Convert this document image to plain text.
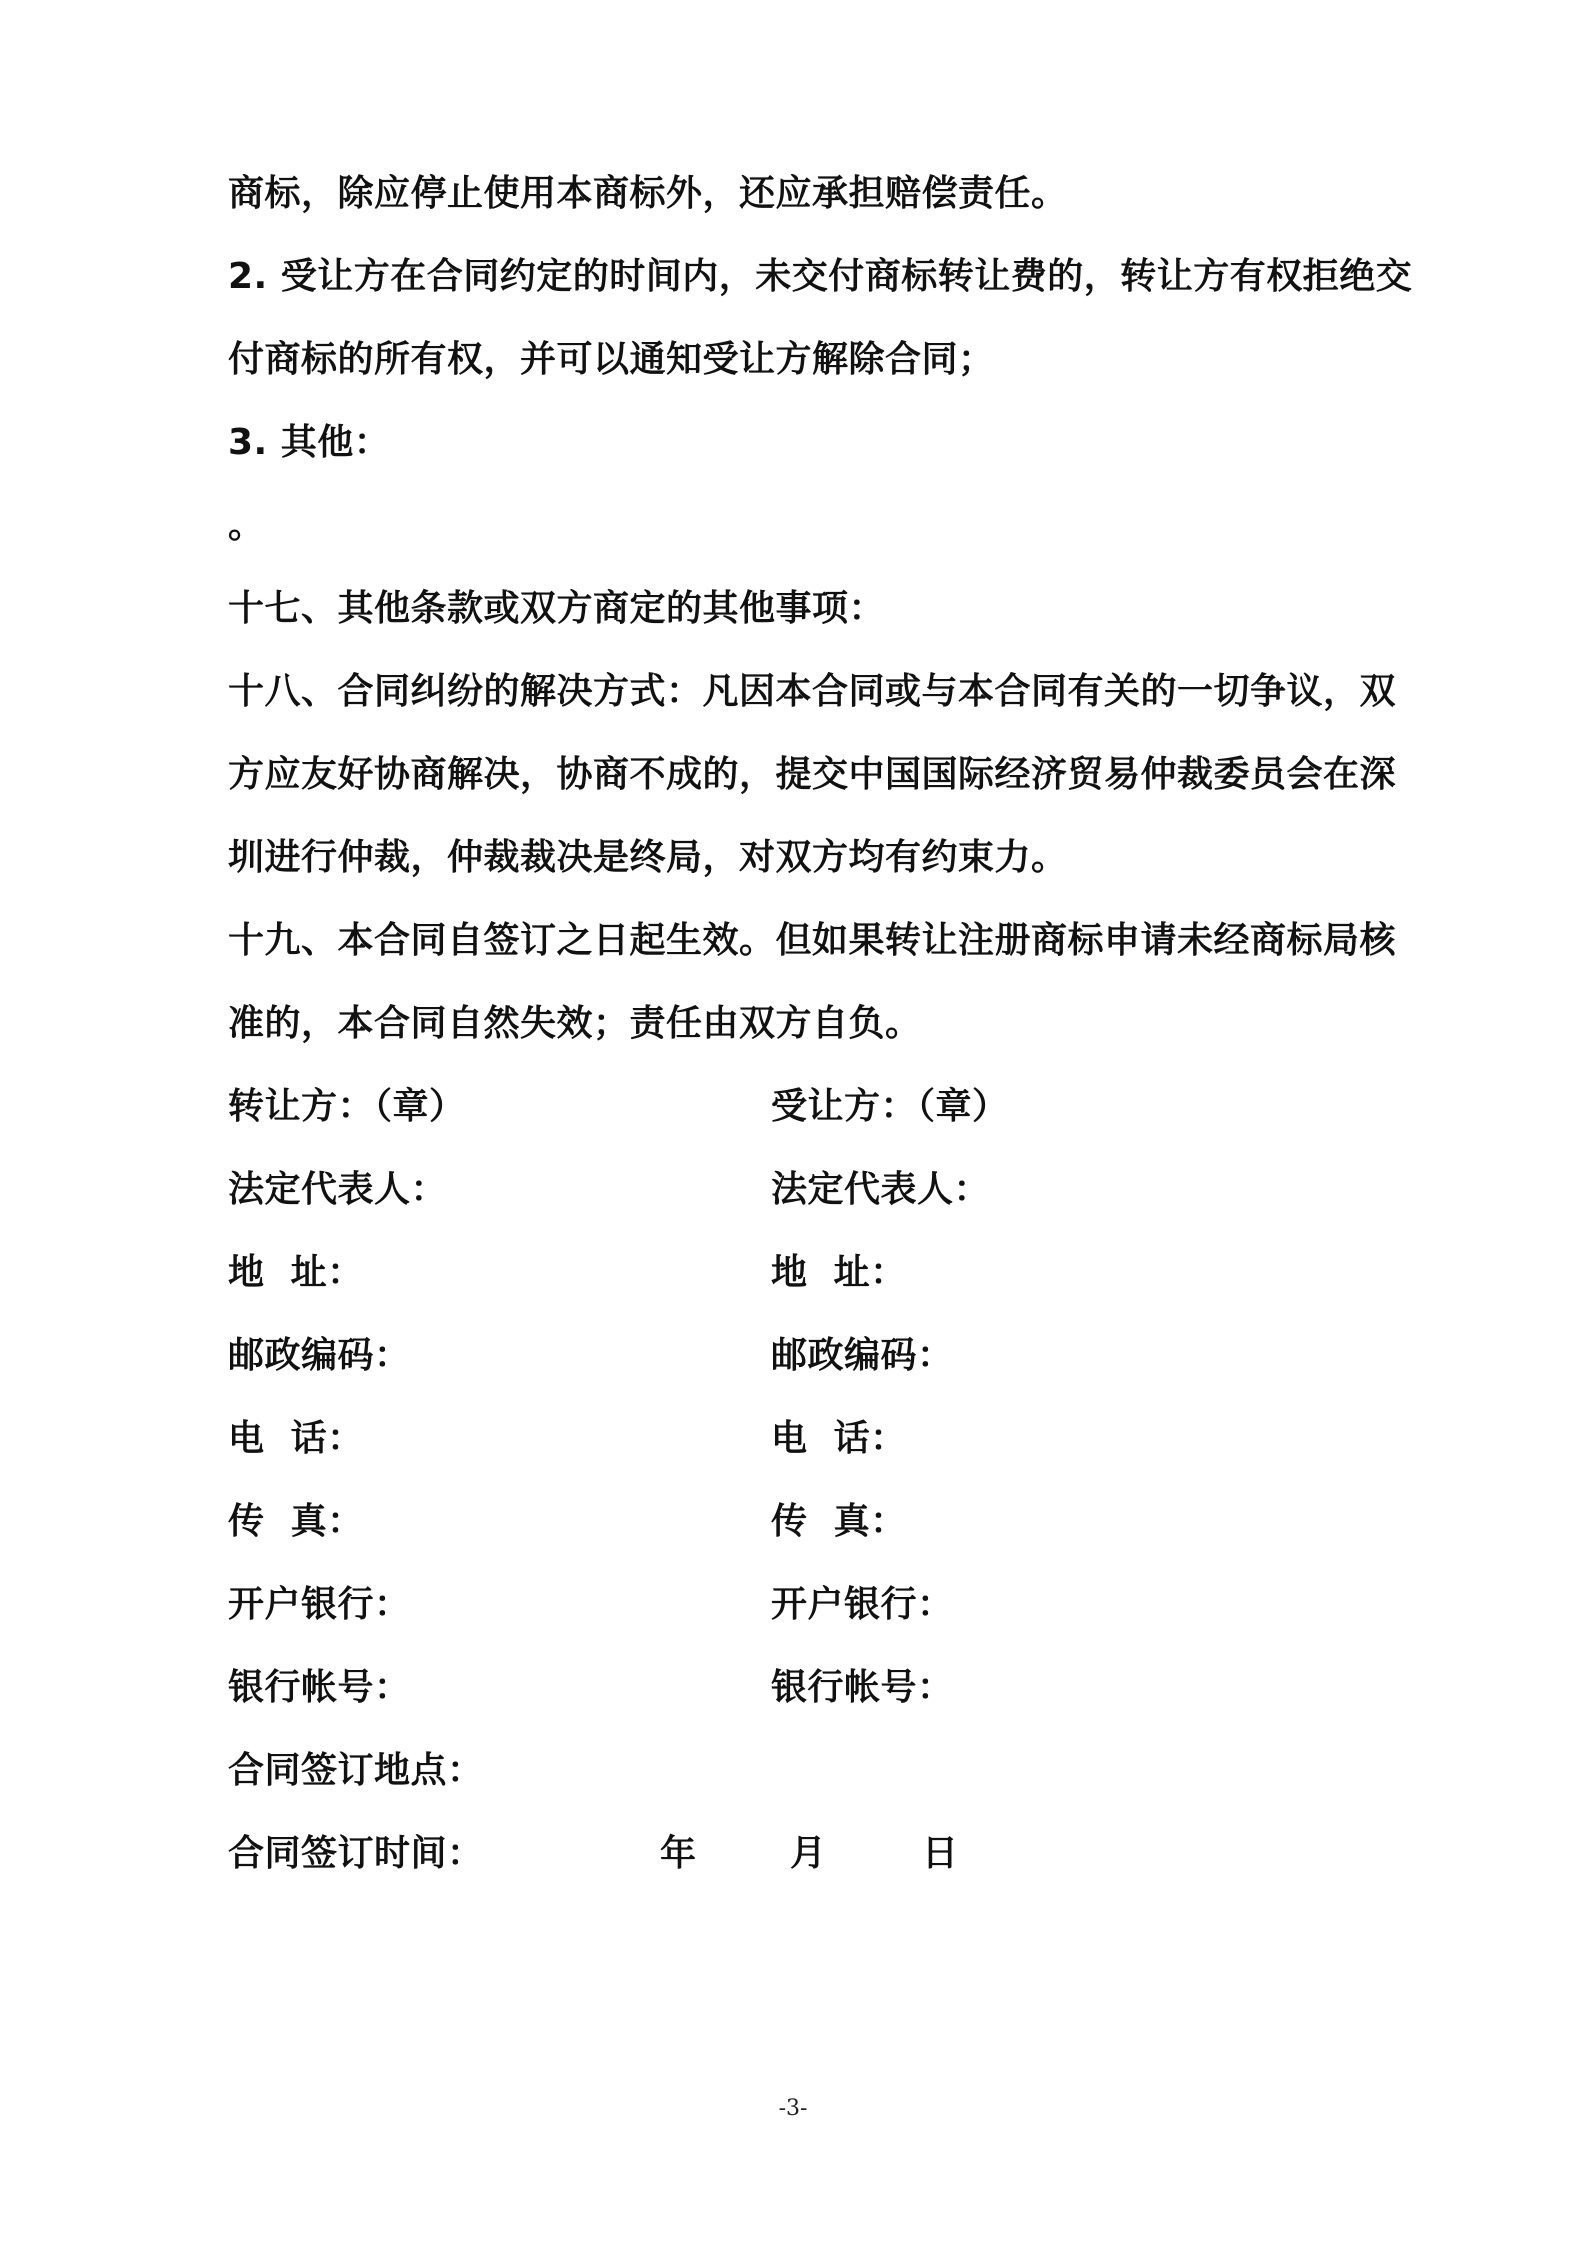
商标，除应停止使用本商标外，还应承担赔偿责任。
2. 受让方在合同约定的时间内，未交付商标转让费的，转让方有权拒绝交
付商标的所有权，并可以通知受让方解除合同；
3. 其他：
。
十七、其他条款或双方商定的其他事项：
十八、合同纠纷的解决方式：凡因本合同或与本合同有关的一切争议，双
方应友好协商解决，协商不成的，提交中国国际经济贸易仲裁委员会在深
圳进行仲裁，仲裁裁决是终局，对双方均有约束力。
十九、本合同自签订之日起生效。但如果转让注册商标申请未经商标局核
准的，本合同自然失效；责任由双方自负。
转让方：（章）	受让方：（章）
法定代表人：	法定代表人：
地  址：	地  址：
邮政编码：	邮政编码：
电  话：	电  话：
传  真：	传  真：
开户银行：	开户银行：
银行帐号：	银行帐号：
合同签订地点：
合同签订时间：	年	月	日
-3-
